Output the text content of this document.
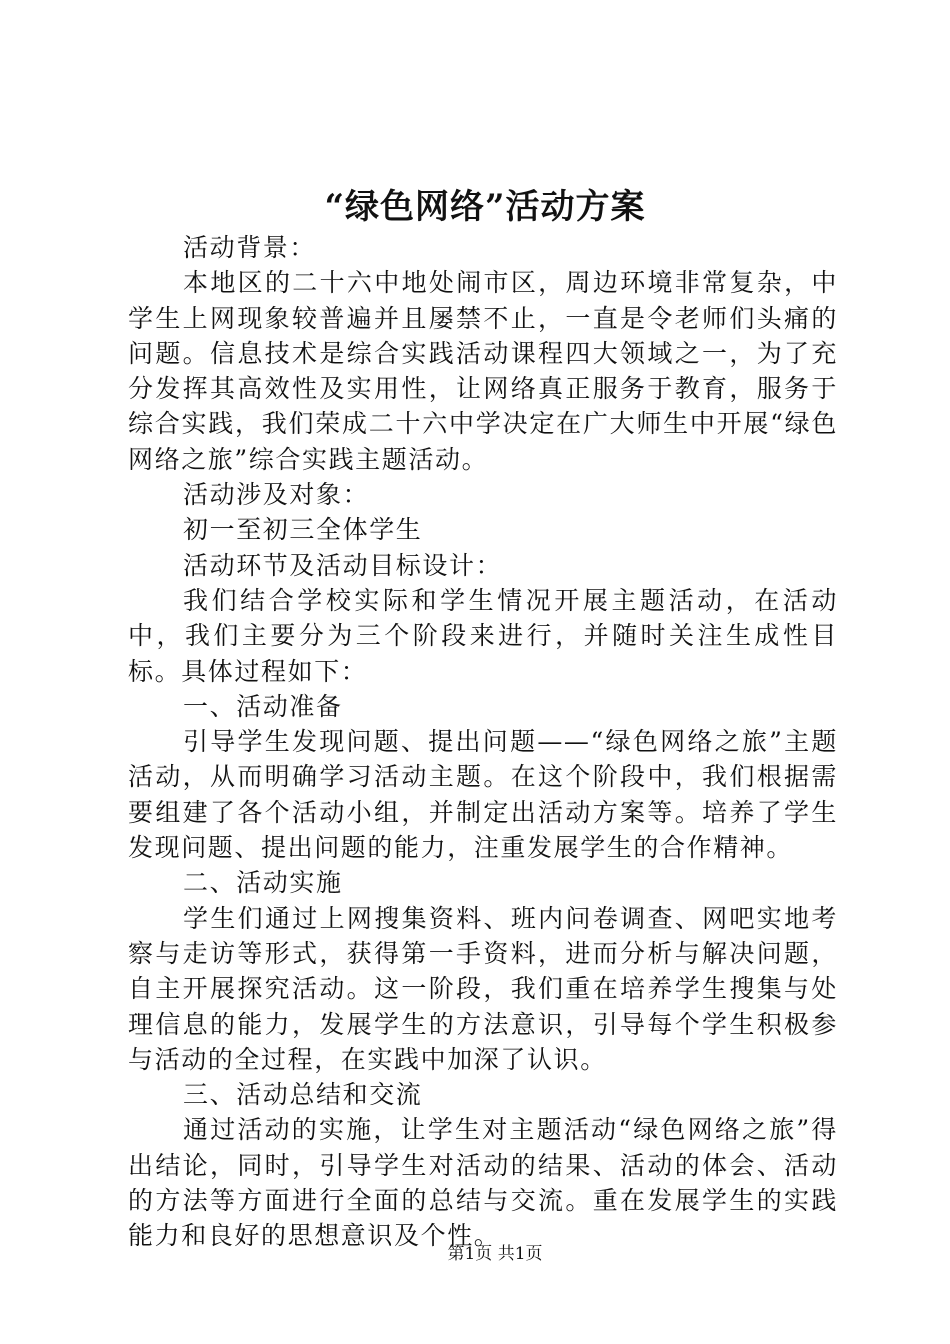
“绿色网络”活动方案

活动背景：

本地区的二十六中地处闹市区，周边环境非常复杂，中学生上网现象较普遍并且屡禁不止，一直是令老师们头痛的问题。信息技术是综合实践活动课程四大领域之一，为了充分发挥其高效性及实用性，让网络真正服务于教育，服务于综合实践，我们荣成二十六中学决定在广大师生中开展“绿色网络之旅”综合实践主题活动。

活动涉及对象：

初一至初三全体学生

活动环节及活动目标设计：

我们结合学校实际和学生情况开展主题活动，在活动中，我们主要分为三个阶段来进行，并随时关注生成性目标。具体过程如下：

一、活动准备

引导学生发现问题、提出问题——“绿色网络之旅”主题活动，从而明确学习活动主题。在这个阶段中，我们根据需要组建了各个活动小组，并制定出活动方案等。培养了学生发现问题、提出问题的能力，注重发展学生的合作精神。

二、活动实施

学生们通过上网搜集资料、班内问卷调查、网吧实地考察与走访等形式，获得第一手资料，进而分析与解决问题，自主开展探究活动。这一阶段，我们重在培养学生搜集与处理信息的能力，发展学生的方法意识，引导每个学生积极参与活动的全过程，在实践中加深了认识。

三、活动总结和交流

通过活动的实施，让学生对主题活动“绿色网络之旅”得出结论，同时，引导学生对活动的结果、活动的体会、活动的方法等方面进行全面的总结与交流。重在发展学生的实践能力和良好的思想意识及个性。

第1页 共1页
